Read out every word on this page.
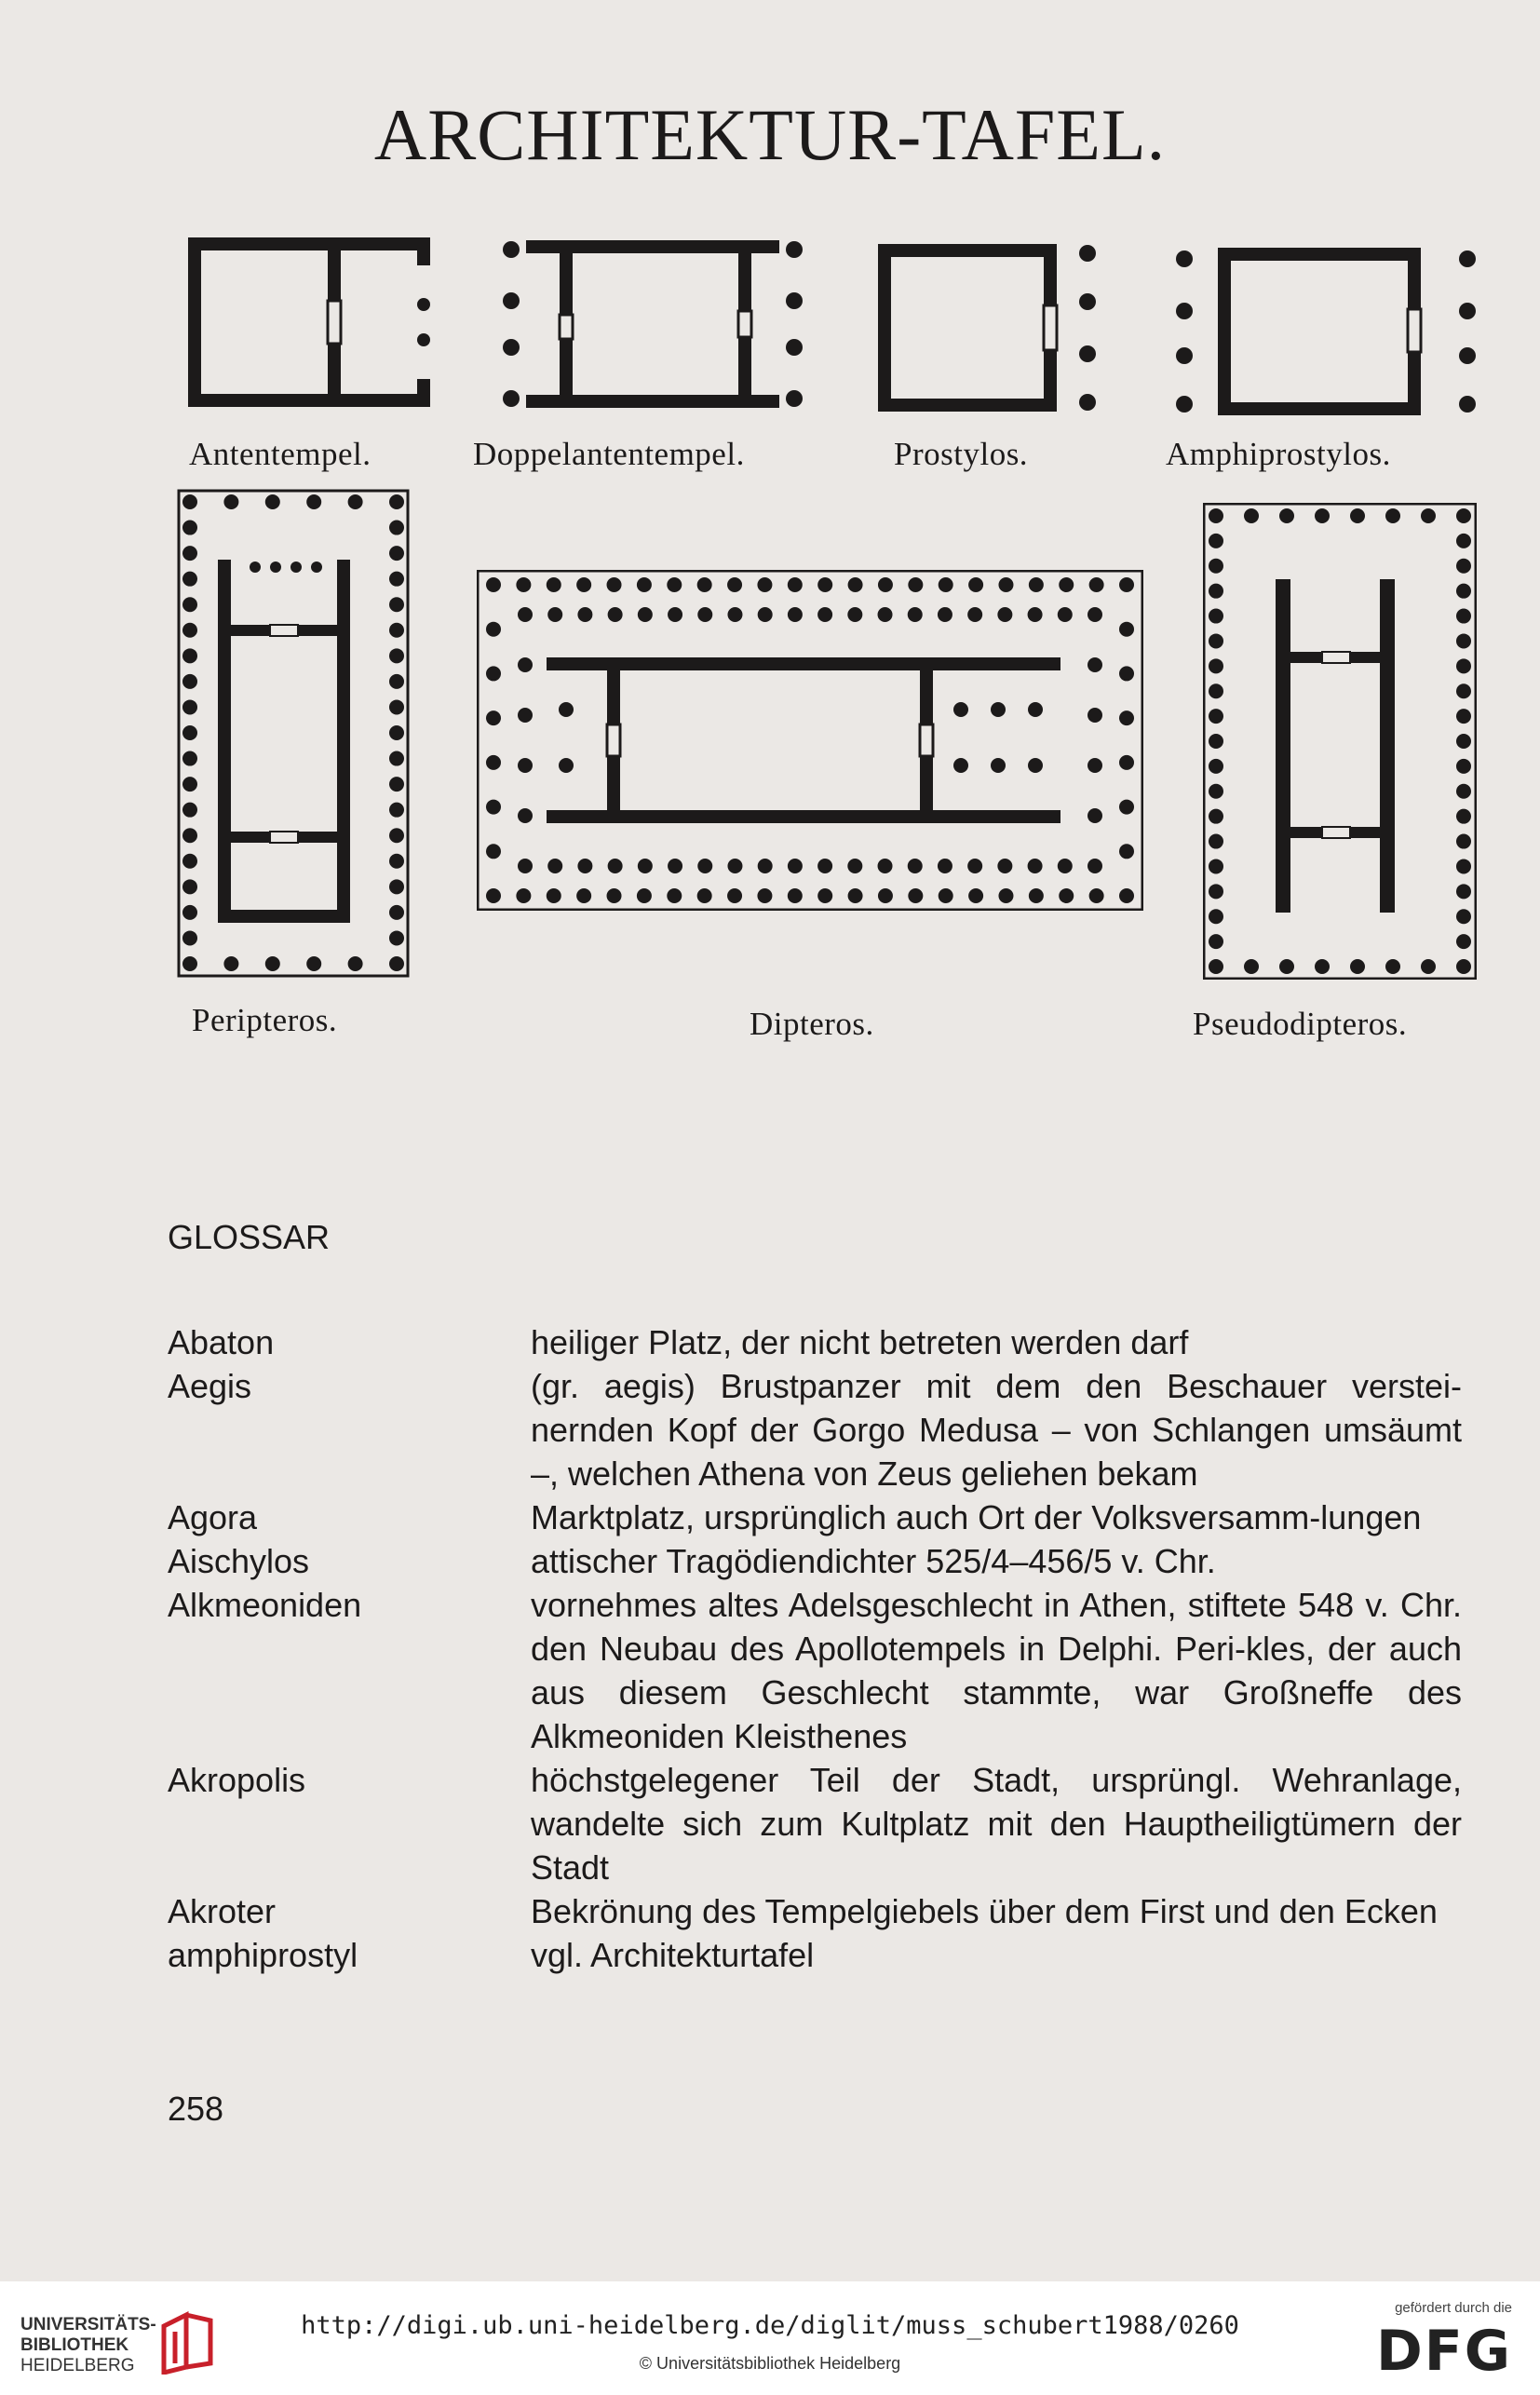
ARCHITEKTUR-TAFEL.
Antentempel.	Doppelantentempel.	Prostylos.	Amphiprostylos.
Peripteros.	Dipteros.	Pseudodipteros.
GLOSSAR
Abaton	heiliger Platz, der nicht betreten werden darf
Aegis	(gr. aegis) Brustpanzer mit dem den Beschauer verstei-nernden Kopf der Gorgo Medusa – von Schlangen umsäumt –, welchen Athena von Zeus geliehen bekam
Agora	Marktplatz, ursprünglich auch Ort der Volksversamm-lungen
Aischylos	attischer Tragödiendichter 525/4–456/5 v. Chr.
Alkmeoniden	vornehmes altes Adelsgeschlecht in Athen, stiftete 548 v. Chr. den Neubau des Apollotempels in Delphi. Peri-kles, der auch aus diesem Geschlecht stammte, war Großneffe des Alkmeoniden Kleisthenes
Akropolis	höchstgelegener Teil der Stadt, ursprüngl. Wehranlage, wandelte sich zum Kultplatz mit den Hauptheiligtümern der Stadt
Akroter	Bekrönung des Tempelgiebels über dem First und den Ecken
amphiprostyl	vgl. Architekturtafel
258
UNIVERSITÄTS-
BIBLIOTHEK
HEIDELBERG
http://digi.ub.uni-heidelberg.de/diglit/muss_schubert1988/0260
© Universitätsbibliothek Heidelberg
gefördert durch die
DFG
